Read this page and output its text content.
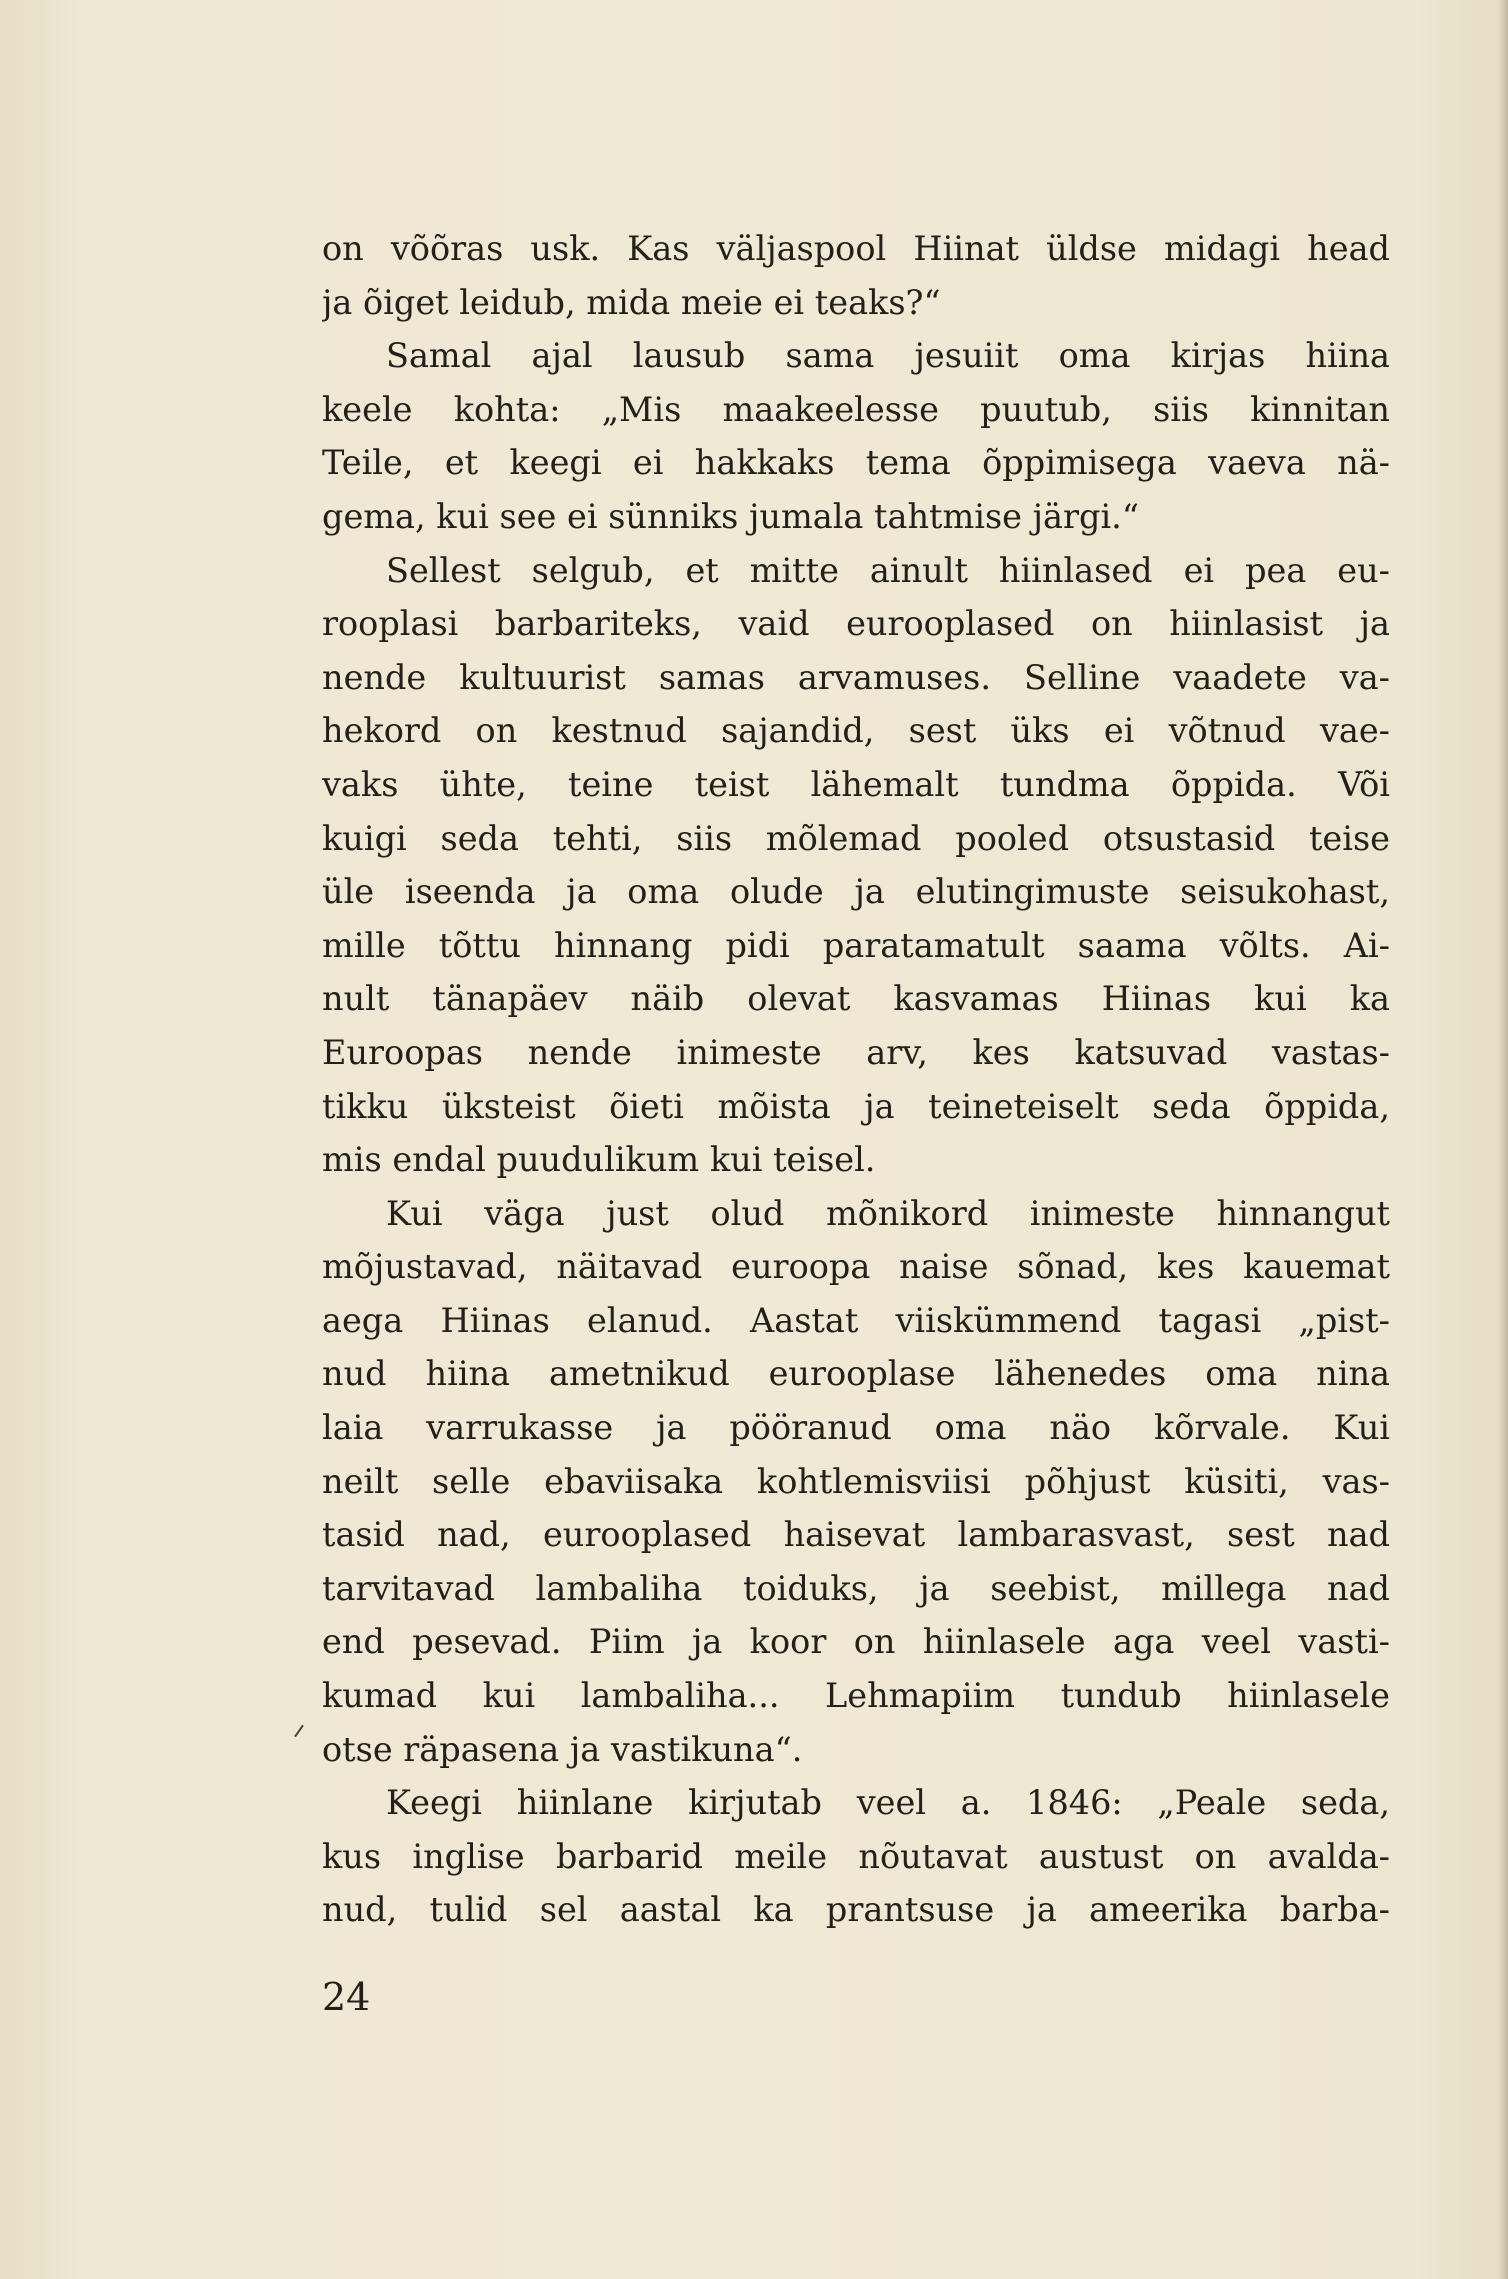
on võõras usk. Kas väljaspool Hiinat üldse midagi head
ja õiget leidub, mida meie ei teaks?“
Samal ajal lausub sama jesuiit oma kirjas hiina
keele kohta: „Mis maakeelesse puutub, siis kinnitan
Teile, et keegi ei hakkaks tema õppimisega vaeva nä-
gema, kui see ei sünniks jumala tahtmise järgi.“
Sellest selgub, et mitte ainult hiinlased ei pea eu-
rooplasi barbariteks, vaid eurooplased on hiinlasist ja
nende kultuurist samas arvamuses. Selline vaadete va-
hekord on kestnud sajandid, sest üks ei võtnud vae-
vaks ühte, teine teist lähemalt tundma õppida. Või
kuigi seda tehti, siis mõlemad pooled otsustasid teise
üle iseenda ja oma olude ja elutingimuste seisukohast,
mille tõttu hinnang pidi paratamatult saama võlts. Ai-
nult tänapäev näib olevat kasvamas Hiinas kui ka
Euroopas nende inimeste arv, kes katsuvad vastas-
tikku üksteist õieti mõista ja teineteiselt seda õppida,
mis endal puudulikum kui teisel.
Kui väga just olud mõnikord inimeste hinnangut
mõjustavad, näitavad euroopa naise sõnad, kes kauemat
aega Hiinas elanud. Aastat viiskümmend tagasi „pist-
nud hiina ametnikud eurooplase lähenedes oma nina
laia varrukasse ja pööranud oma näo kõrvale. Kui
neilt selle ebaviisaka kohtlemisviisi põhjust küsiti, vas-
tasid nad, eurooplased haisevat lambarasvast, sest nad
tarvitavad lambaliha toiduks, ja seebist, millega nad
end pesevad. Piim ja koor on hiinlasele aga veel vasti-
kumad kui lambaliha... Lehmapiim tundub hiinlasele
otse räpasena ja vastikuna“.
Keegi hiinlane kirjutab veel a. 1846: „Peale seda,
kus inglise barbarid meile nõutavat austust on avalda-
nud, tulid sel aastal ka prantsuse ja ameerika barba-
24
